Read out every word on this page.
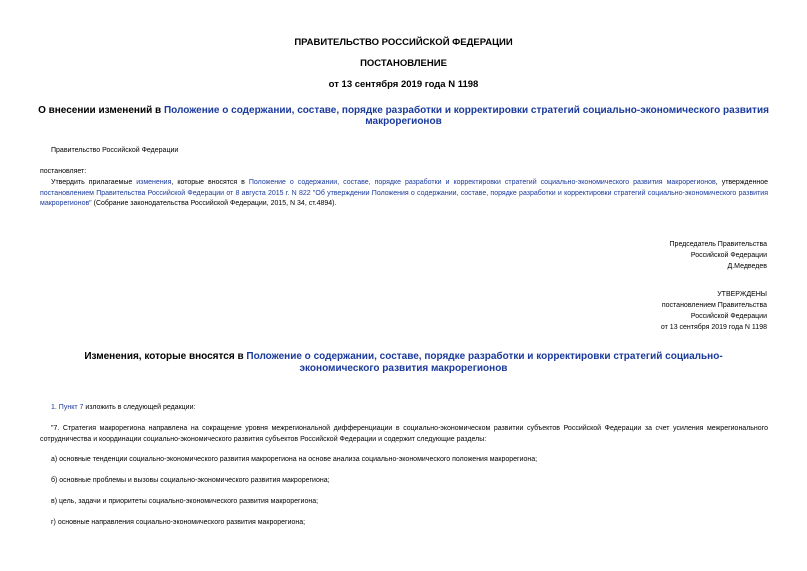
ПРАВИТЕЛЬСТВО РОССИЙСКОЙ ФЕДЕРАЦИИ
ПОСТАНОВЛЕНИЕ
от 13 сентября 2019 года N 1198
О внесении изменений в Положение о содержании, составе, порядке разработки и корректировки стратегий социально-экономического развития макрорегионов
Правительство Российской Федерации
постановляет:
Утвердить прилагаемые изменения, которые вносятся в Положение о содержании, составе, порядке разработки и корректировки стратегий социально-экономического развития макрорегионов, утвержденное постановлением Правительства Российской Федерации от 8 августа 2015 г. N 822 "Об утверждении Положения о содержании, составе, порядке разработки и корректировки стратегий социально-экономического развития макрорегионов" (Собрание законодательства Российской Федерации, 2015, N 34, ст.4894).
Председатель Правительства
Российской Федерации
Д.Медведев
УТВЕРЖДЕНЫ
постановлением Правительства
Российской Федерации
от 13 сентября 2019 года N 1198
Изменения, которые вносятся в Положение о содержании, составе, порядке разработки и корректировки стратегий социально-экономического развития макрорегионов
1. Пункт 7 изложить в следующей редакции:
"7. Стратегия макрорегиона направлена на сокращение уровня межрегиональной дифференциации в социально-экономическом развитии субъектов Российской Федерации за счет усиления межрегионального сотрудничества и координации социально-экономического развития субъектов Российской Федерации и содержит следующие разделы:
а) основные тенденции социально-экономического развития макрорегиона на основе анализа социально-экономического положения макрорегиона;
б) основные проблемы и вызовы социально-экономического развития макрорегиона;
в) цель, задачи и приоритеты социально-экономического развития макрорегиона;
г) основные направления социально-экономического развития макрорегиона;
